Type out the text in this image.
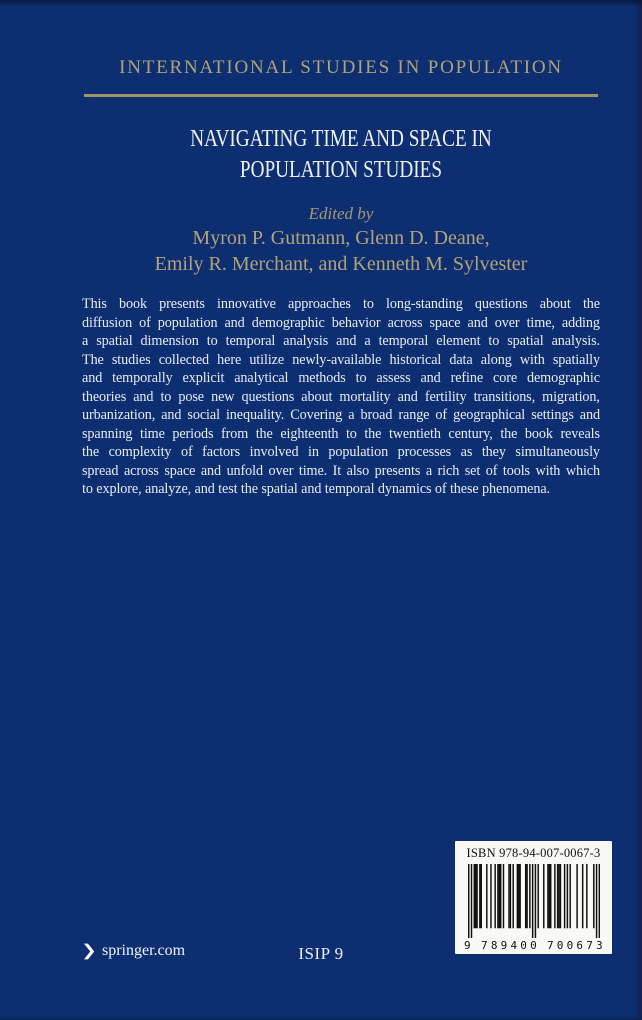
INTERNATIONAL STUDIES IN POPULATION
NAVIGATING TIME AND SPACE IN
POPULATION STUDIES
Edited by
Myron P. Gutmann, Glenn D. Deane,
Emily R. Merchant, and Kenneth M. Sylvester
This book presents innovative approaches to long-standing questions about the
diffusion of population and demographic behavior across space and over time, adding
a spatial dimension to temporal analysis and a temporal element to spatial analysis.
The studies collected here utilize newly-available historical data along with spatially
and temporally explicit analytical methods to assess and refine core demographic
theories and to pose new questions about mortality and fertility transitions, migration,
urbanization, and social inequality. Covering a broad range of geographical settings and
spanning time periods from the eighteenth to the twentieth century, the book reveals
the complexity of factors involved in population processes as they simultaneously
spread across space and unfold over time. It also presents a rich set of tools with which
to explore, analyze, and test the spatial and temporal dynamics of these phenomena.
ISBN 978-94-007-0067-3
9 789400 700673
springer.com	ISIP 9
